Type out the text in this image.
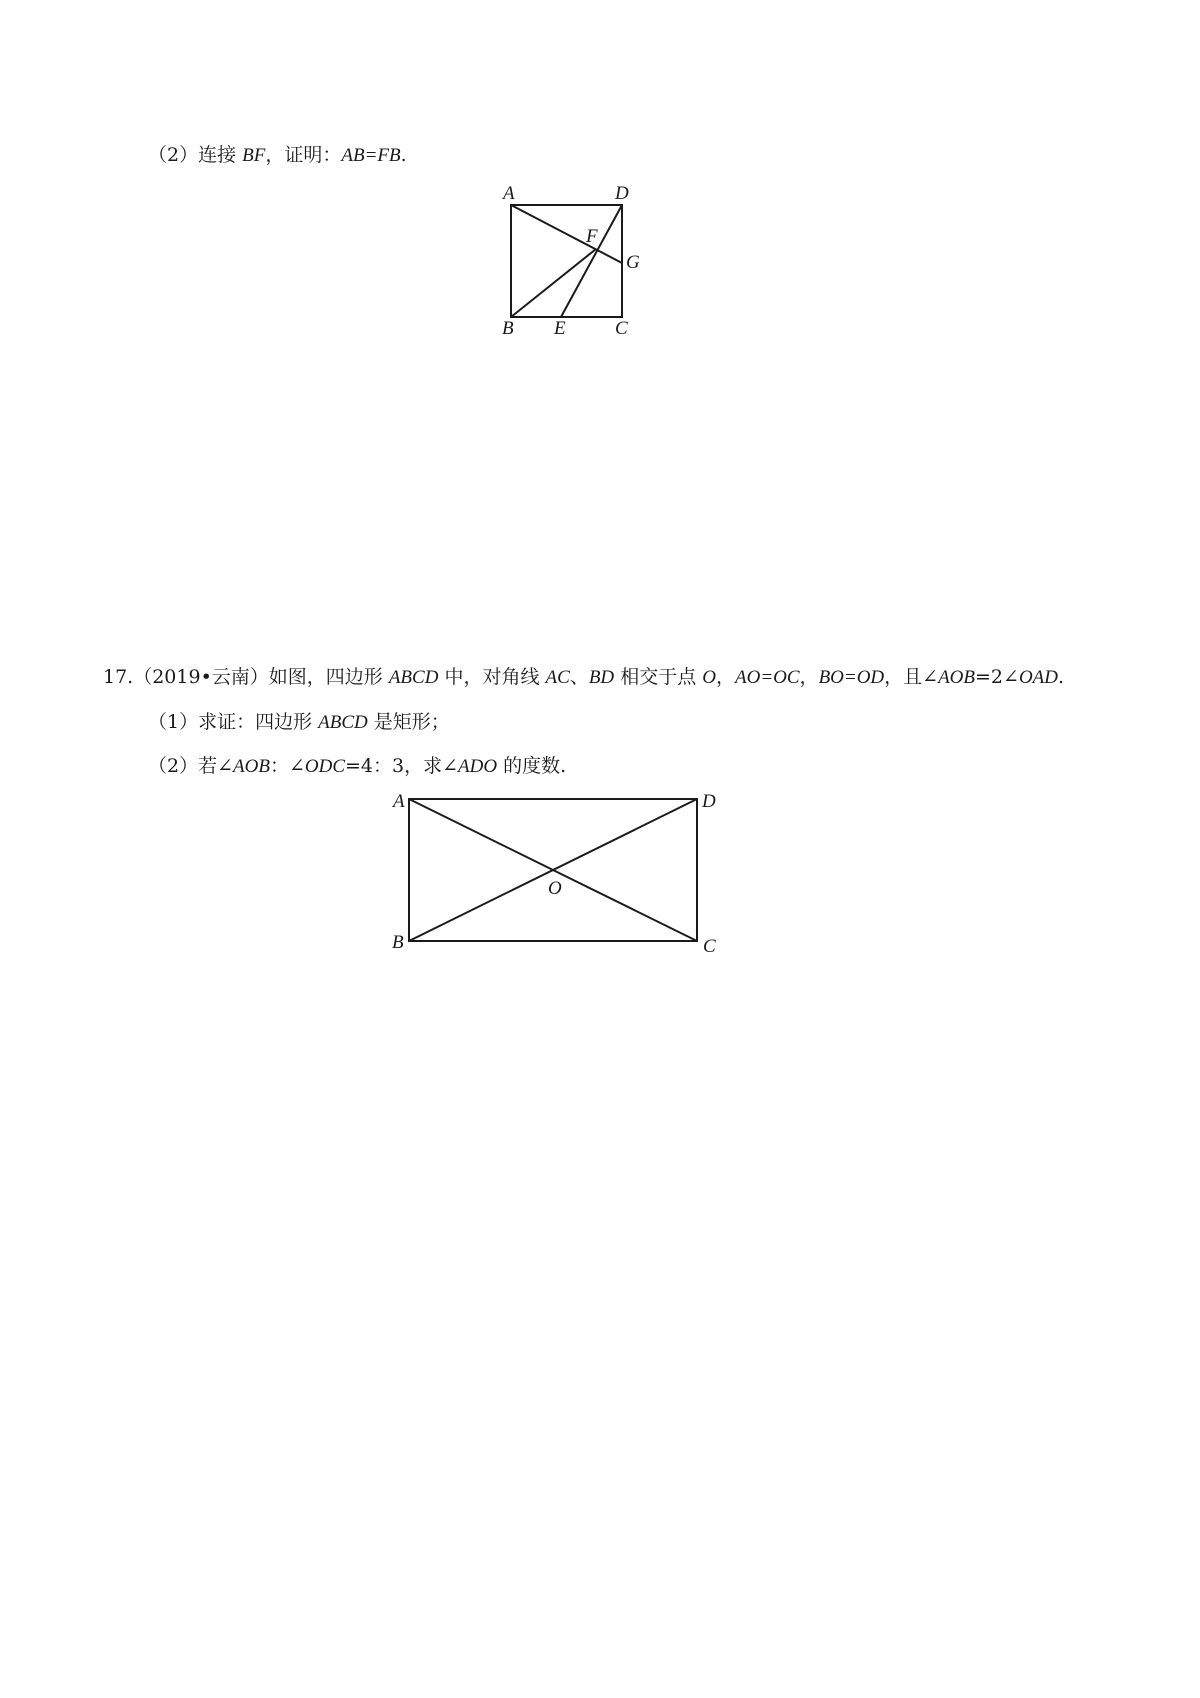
（2）连接 BF，证明：AB=FB.
A	D
F
G
B E	C
17.（2019•云南）如图，四边形 ABCD 中，对角线 AC、BD 相交于点 O，AO=OC，BO=OD，且∠AOB=2∠OAD.
（1）求证：四边形 ABCD 是矩形；
（2）若∠AOB：∠ODC=4：3，求∠ADO 的度数.
A	D
O
B	C
